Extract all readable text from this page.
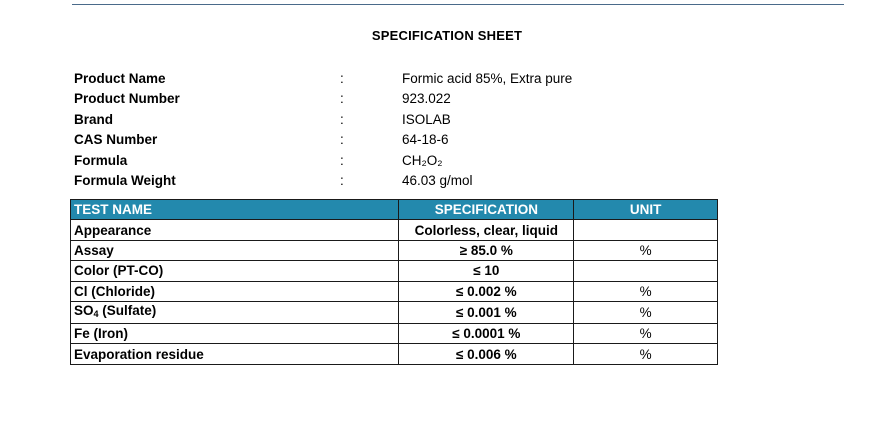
SPECIFICATION SHEET
Product Name	:	Formic acid 85%, Extra pure
Product Number	:	923.022
Brand	:	ISOLAB
CAS Number	:	64-18-6
Formula	:	CH₂O₂
Formula Weight	:	46.03 g/mol
TEST NAME	SPECIFICATION	UNIT
Appearance	Colorless, clear, liquid	
Assay	≥ 85.0 %	%
Color (PT-CO)	≤ 10	
Cl (Chloride)	≤ 0.002 %	%
$SO_4$ (Sulfate)	≤ 0.001 %	%
Fe (Iron)	≤ 0.0001 %	%
Evaporation residue	≤ 0.006 %	%
